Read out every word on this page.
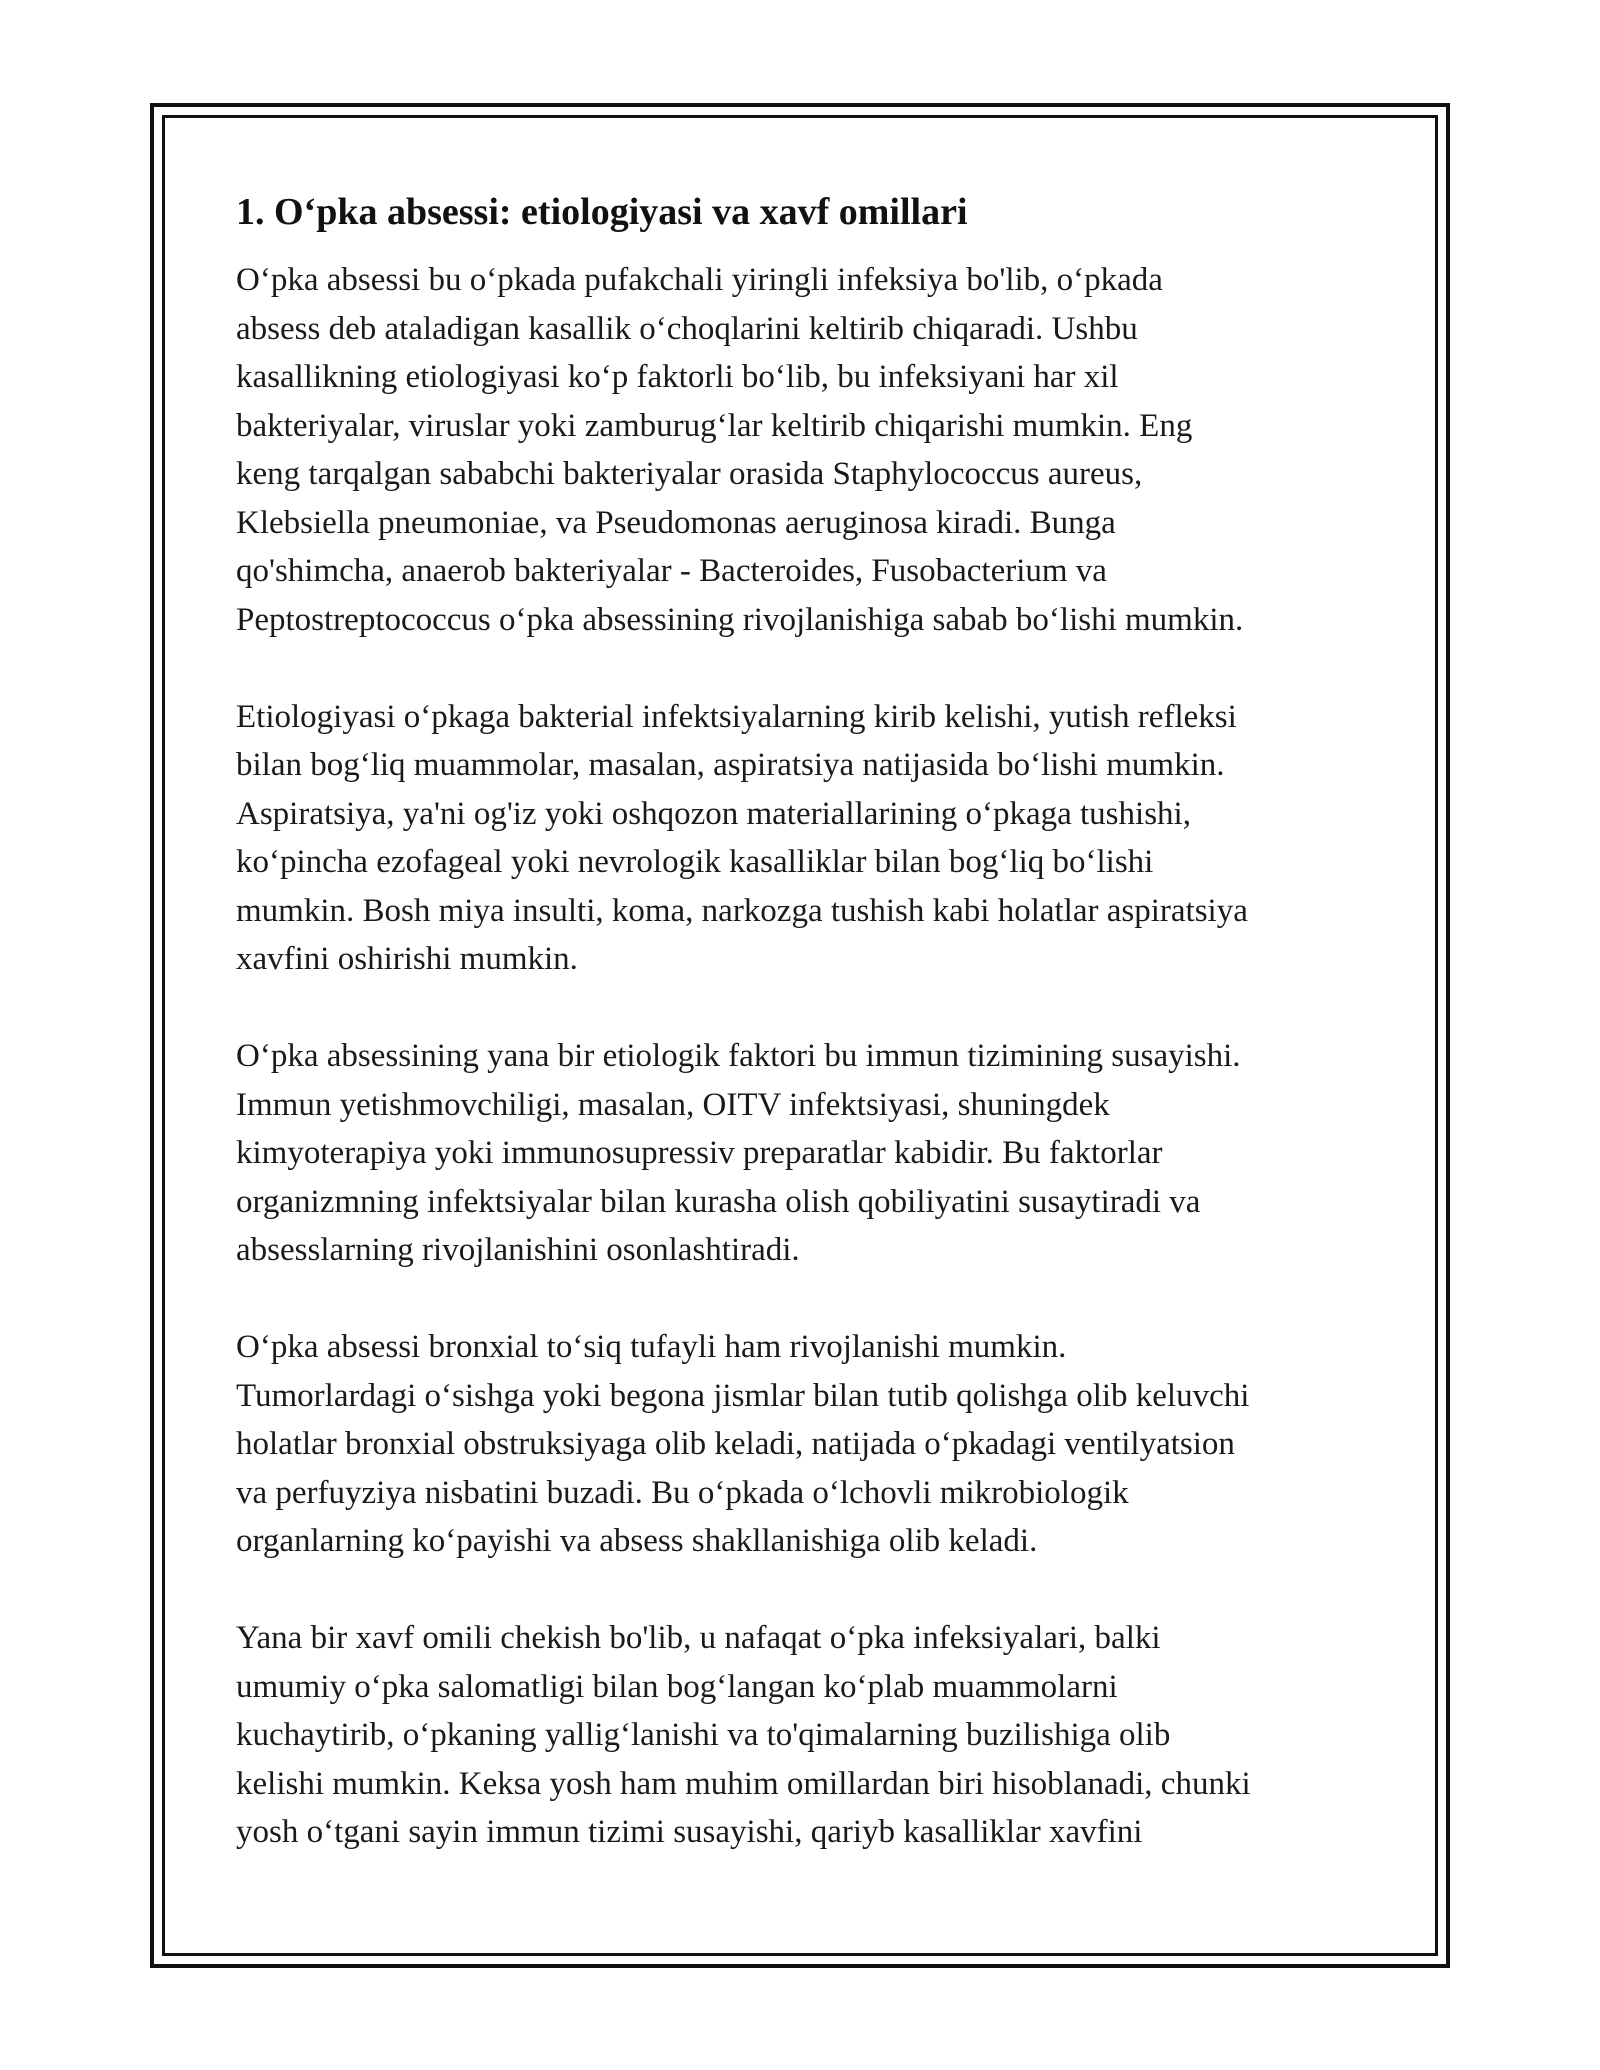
1. O‘pka absessi: etiologiyasi va xavf omillari

O‘pka absessi bu o‘pkada pufakchali yiringli infeksiya bo'lib, o‘pkada
absess deb ataladigan kasallik o‘choqlarini keltirib chiqaradi. Ushbu
kasallikning etiologiyasi ko‘p faktorli bo‘lib, bu infeksiyani har xil
bakteriyalar, viruslar yoki zamburug‘lar keltirib chiqarishi mumkin. Eng
keng tarqalgan sababchi bakteriyalar orasida Staphylococcus aureus,
Klebsiella pneumoniae, va Pseudomonas aeruginosa kiradi. Bunga
qo'shimcha, anaerob bakteriyalar - Bacteroides, Fusobacterium va
Peptostreptococcus o‘pka absessining rivojlanishiga sabab bo‘lishi mumkin.

Etiologiyasi o‘pkaga bakterial infektsiyalarning kirib kelishi, yutish refleksi
bilan bog‘liq muammolar, masalan, aspiratsiya natijasida bo‘lishi mumkin.
Aspiratsiya, ya'ni og'iz yoki oshqozon materiallarining o‘pkaga tushishi,
ko‘pincha ezofageal yoki nevrologik kasalliklar bilan bog‘liq bo‘lishi
mumkin. Bosh miya insulti, koma, narkozga tushish kabi holatlar aspiratsiya
xavfini oshirishi mumkin.

O‘pka absessining yana bir etiologik faktori bu immun tizimining susayishi.
Immun yetishmovchiligi, masalan, OITV infektsiyasi, shuningdek
kimyoterapiya yoki immunosupressiv preparatlar kabidir. Bu faktorlar
organizmning infektsiyalar bilan kurasha olish qobiliyatini susaytiradi va
absesslarning rivojlanishini osonlashtiradi.

O‘pka absessi bronxial to‘siq tufayli ham rivojlanishi mumkin.
Tumorlardagi o‘sishga yoki begona jismlar bilan tutib qolishga olib keluvchi
holatlar bronxial obstruksiyaga olib keladi, natijada o‘pkadagi ventilyatsion
va perfuyziya nisbatini buzadi. Bu o‘pkada o‘lchovli mikrobiologik
organlarning ko‘payishi va absess shakllanishiga olib keladi.

Yana bir xavf omili chekish bo'lib, u nafaqat o‘pka infeksiyalari, balki
umumiy o‘pka salomatligi bilan bog‘langan ko‘plab muammolarni
kuchaytirib, o‘pkaning yallig‘lanishi va to'qimalarning buzilishiga olib
kelishi mumkin. Keksa yosh ham muhim omillardan biri hisoblanadi, chunki
yosh o‘tgani sayin immun tizimi susayishi, qariyb kasalliklar xavfini
